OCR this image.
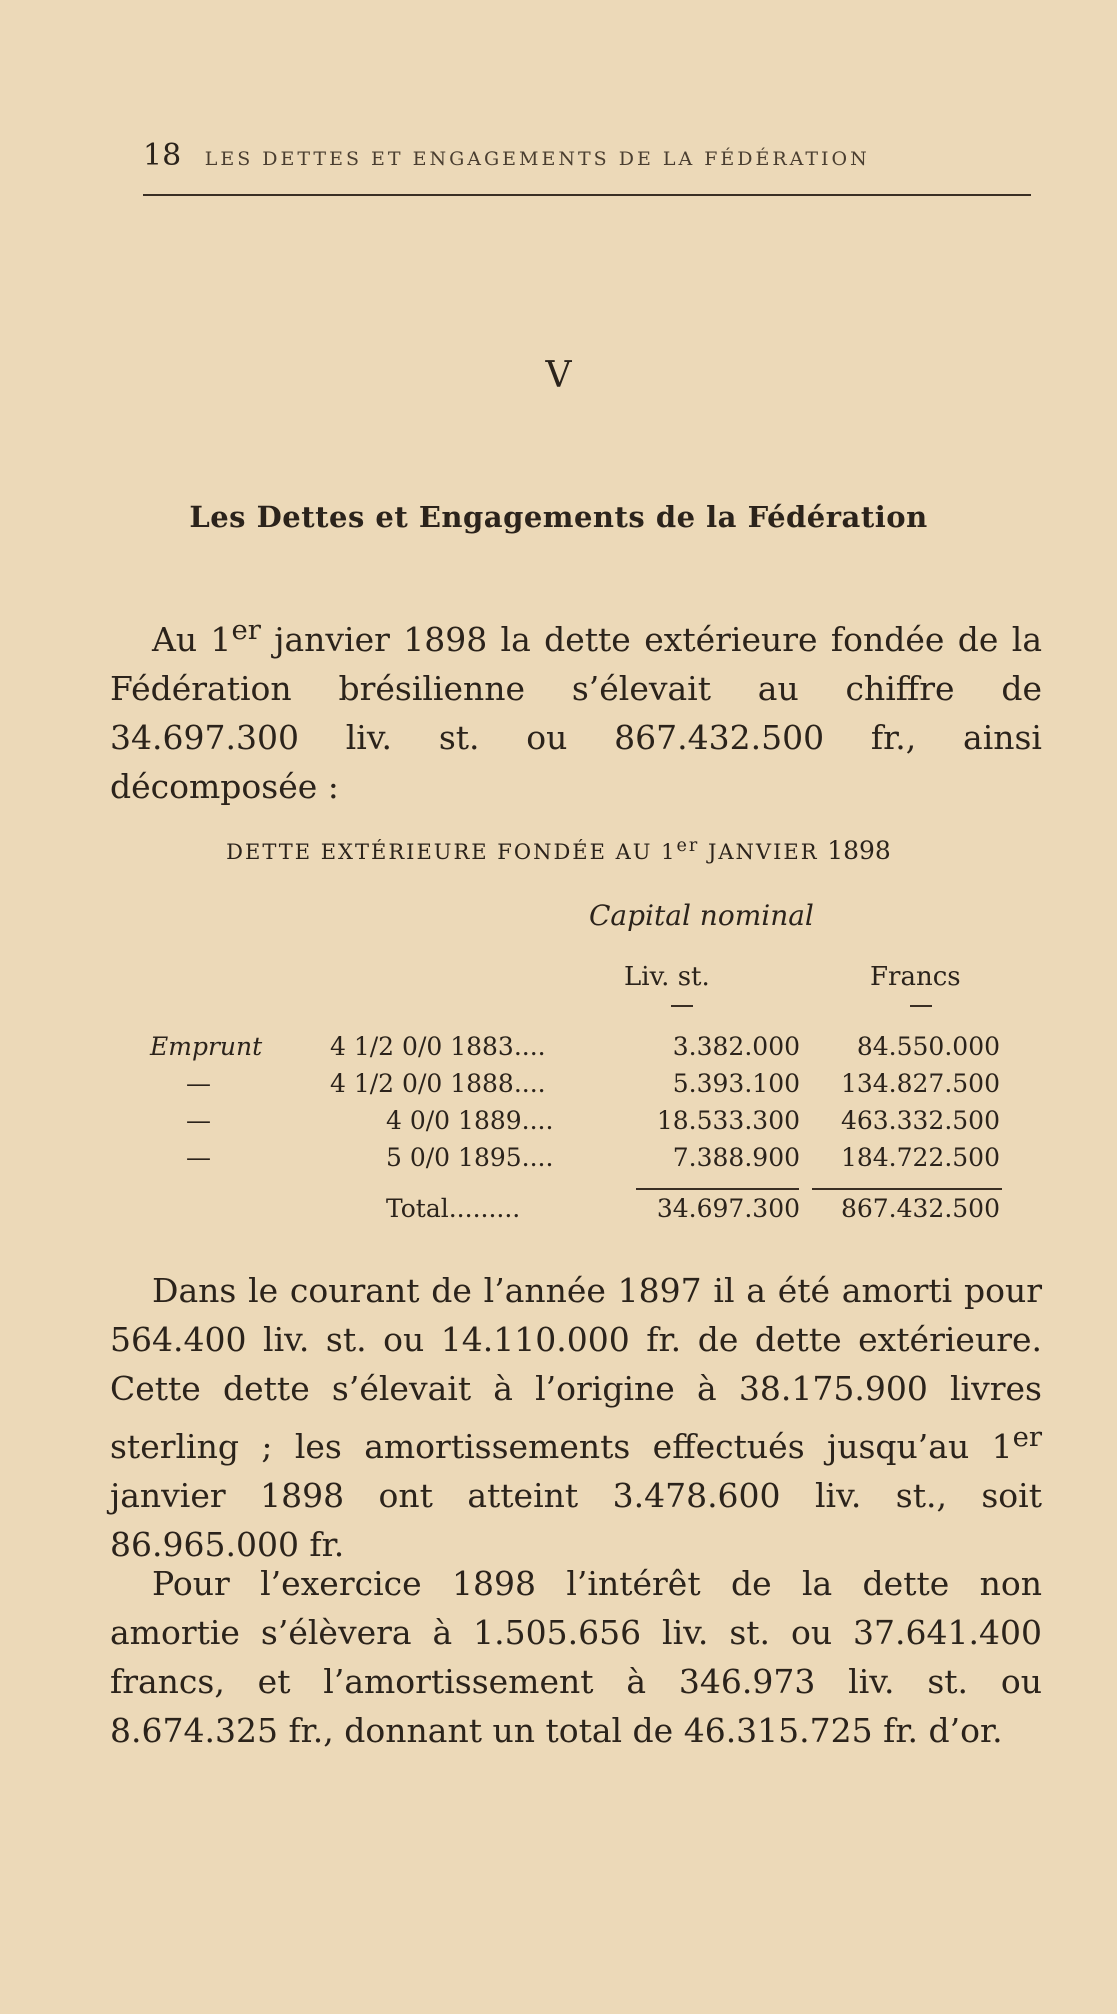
18 LES DETTES ET ENGAGEMENTS DE LA FÉDÉRATION
V
Les Dettes et Engagements de la Fédération

Au 1er janvier 1898 la dette extérieure fondée de la Fédération brésilienne s’élevait au chiffre de 34.697.300 liv. st. ou 867.432.500 fr., ainsi décomposée :

DETTE EXTÉRIEURE FONDÉE AU 1er JANVIER 1898
Capital nominal
Liv. st.	Francs
Emprunt	4 1/2 0/0 1883....	3.382.000	84.550.000
—	4 1/2 0/0 1888....	5.393.100	134.827.500
—	4 0/0 1889....	18.533.300	463.332.500
—	5 0/0 1895....	7.388.900	184.722.500
Total.........	34.697.300	867.432.500

Dans le courant de l’année 1897 il a été amorti pour 564.400 liv. st. ou 14.110.000 fr. de dette extérieure. Cette dette s’élevait à l’origine à 38.175.900 livres sterling ; les amortissements effectués jusqu’au 1er janvier 1898 ont atteint 3.478.600 liv. st., soit 86.965.000 fr.

Pour l’exercice 1898 l’intérêt de la dette non amortie s’élèvera à 1.505.656 liv. st. ou 37.641.400 francs, et l’amortissement à 346.973 liv. st. ou 8.674.325 fr., donnant un total de 46.315.725 fr. d’or.
